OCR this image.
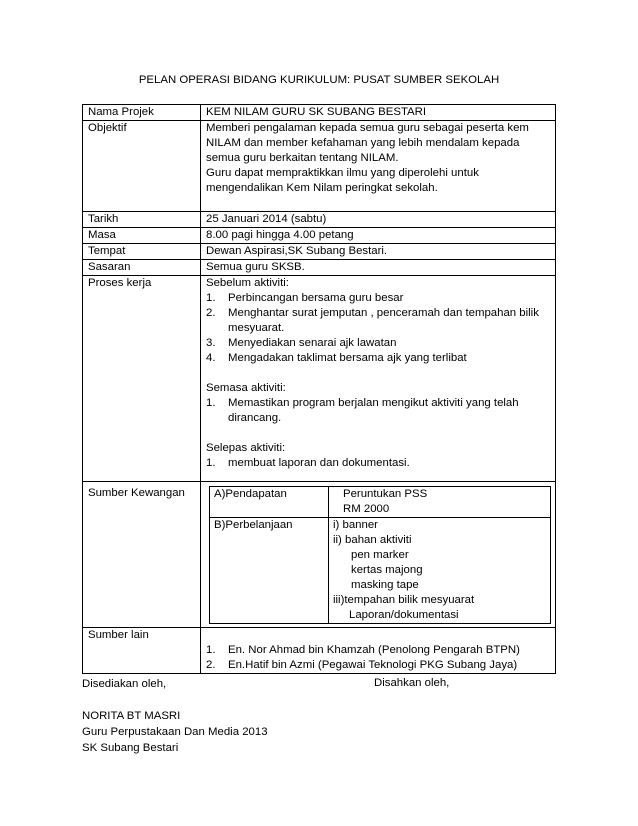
PELAN OPERASI BIDANG KURIKULUM: PUSAT SUMBER SEKOLAH
Nama Projek	KEM NILAM GURU SK SUBANG BESTARI
Objektif	Memberi pengalaman kepada semua guru sebagai peserta kem
NILAM dan member kefahaman yang lebih mendalam kepada
semua guru berkaitan tentang NILAM.
Guru dapat mempraktikkan ilmu yang diperolehi untuk
mengendalikan Kem Nilam peringkat sekolah.

Tarikh	25 Januari 2014 (sabtu)
Masa	8.00 pagi hingga 4.00 petang
Tempat	Dewan Aspirasi,SK Subang Bestari.
Sasaran	Semua guru SKSB.
Proses kerja	Sebelum aktiviti:
1.	Perbincangan bersama guru besar
2.	Menghantar surat jemputan , penceramah dan tempahan bilik
mesyuarat.
3.	Menyediakan senarai ajk lawatan
4.	Mengadakan taklimat bersama ajk yang terlibat
Semasa aktiviti:
1.	Memastikan program berjalan mengikut aktiviti yang telah
dirancang.
Selepas aktiviti:
1.	membuat laporan dan dokumentasi.

Sumber Kewangan		A)Pendapatan	Peruntukan PSS
RM 2000

B)Perbelanjaan	i) banner
ii) bahan aktiviti
pen marker
kertas majong
masking tape
iii)tempahan bilik mesyuarat
Laporan/dokumentasi

Sumber lain	
1.	En. Nor Ahmad bin Khamzah (Penolong Pengarah BTPN)
2.	En.Hatif bin Azmi (Pegawai Teknologi PKG Subang Jaya)
Disediakan oleh,	Disahkan oleh,
NORITA BT MASRI
Guru Perpustakaan Dan Media 2013
SK Subang Bestari
